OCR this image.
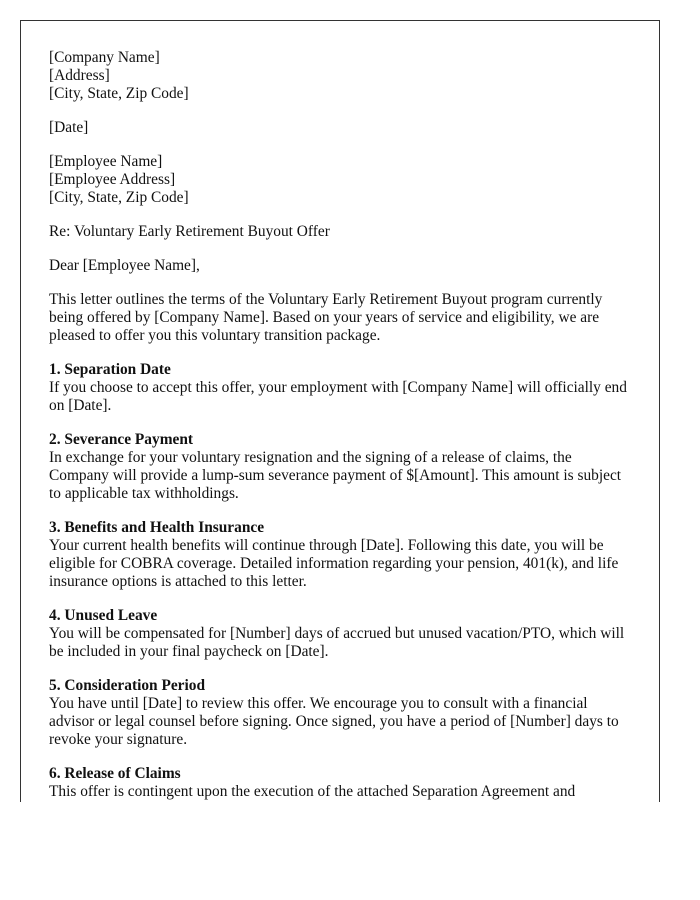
[Company Name]
[Address]
[City, State, Zip Code]
[Date]
[Employee Name]
[Employee Address]
[City, State, Zip Code]
Re: Voluntary Early Retirement Buyout Offer
Dear [Employee Name],

This letter outlines the terms of the Voluntary Early Retirement Buyout program currently being offered by [Company Name]. Based on your years of service and eligibility, we are pleased to offer you this voluntary transition package.

1. Separation Date
If you choose to accept this offer, your employment with [Company Name] will officially end on [Date].
2. Severance Payment
In exchange for your voluntary resignation and the signing of a release of claims, the Company will provide a lump-sum severance payment of $[Amount]. This amount is subject to applicable tax withholdings.
3. Benefits and Health Insurance
Your current health benefits will continue through [Date]. Following this date, you will be eligible for COBRA coverage. Detailed information regarding your pension, 401(k), and life insurance options is attached to this letter.
4. Unused Leave
You will be compensated for [Number] days of accrued but unused vacation/PTO, which will be included in your final paycheck on [Date].
5. Consideration Period
You have until [Date] to review this offer. We encourage you to consult with a financial advisor or legal counsel before signing. Once signed, you have a period of [Number] days to revoke your signature.
6. Release of Claims
This offer is contingent upon the execution of the attached Separation Agreement and
